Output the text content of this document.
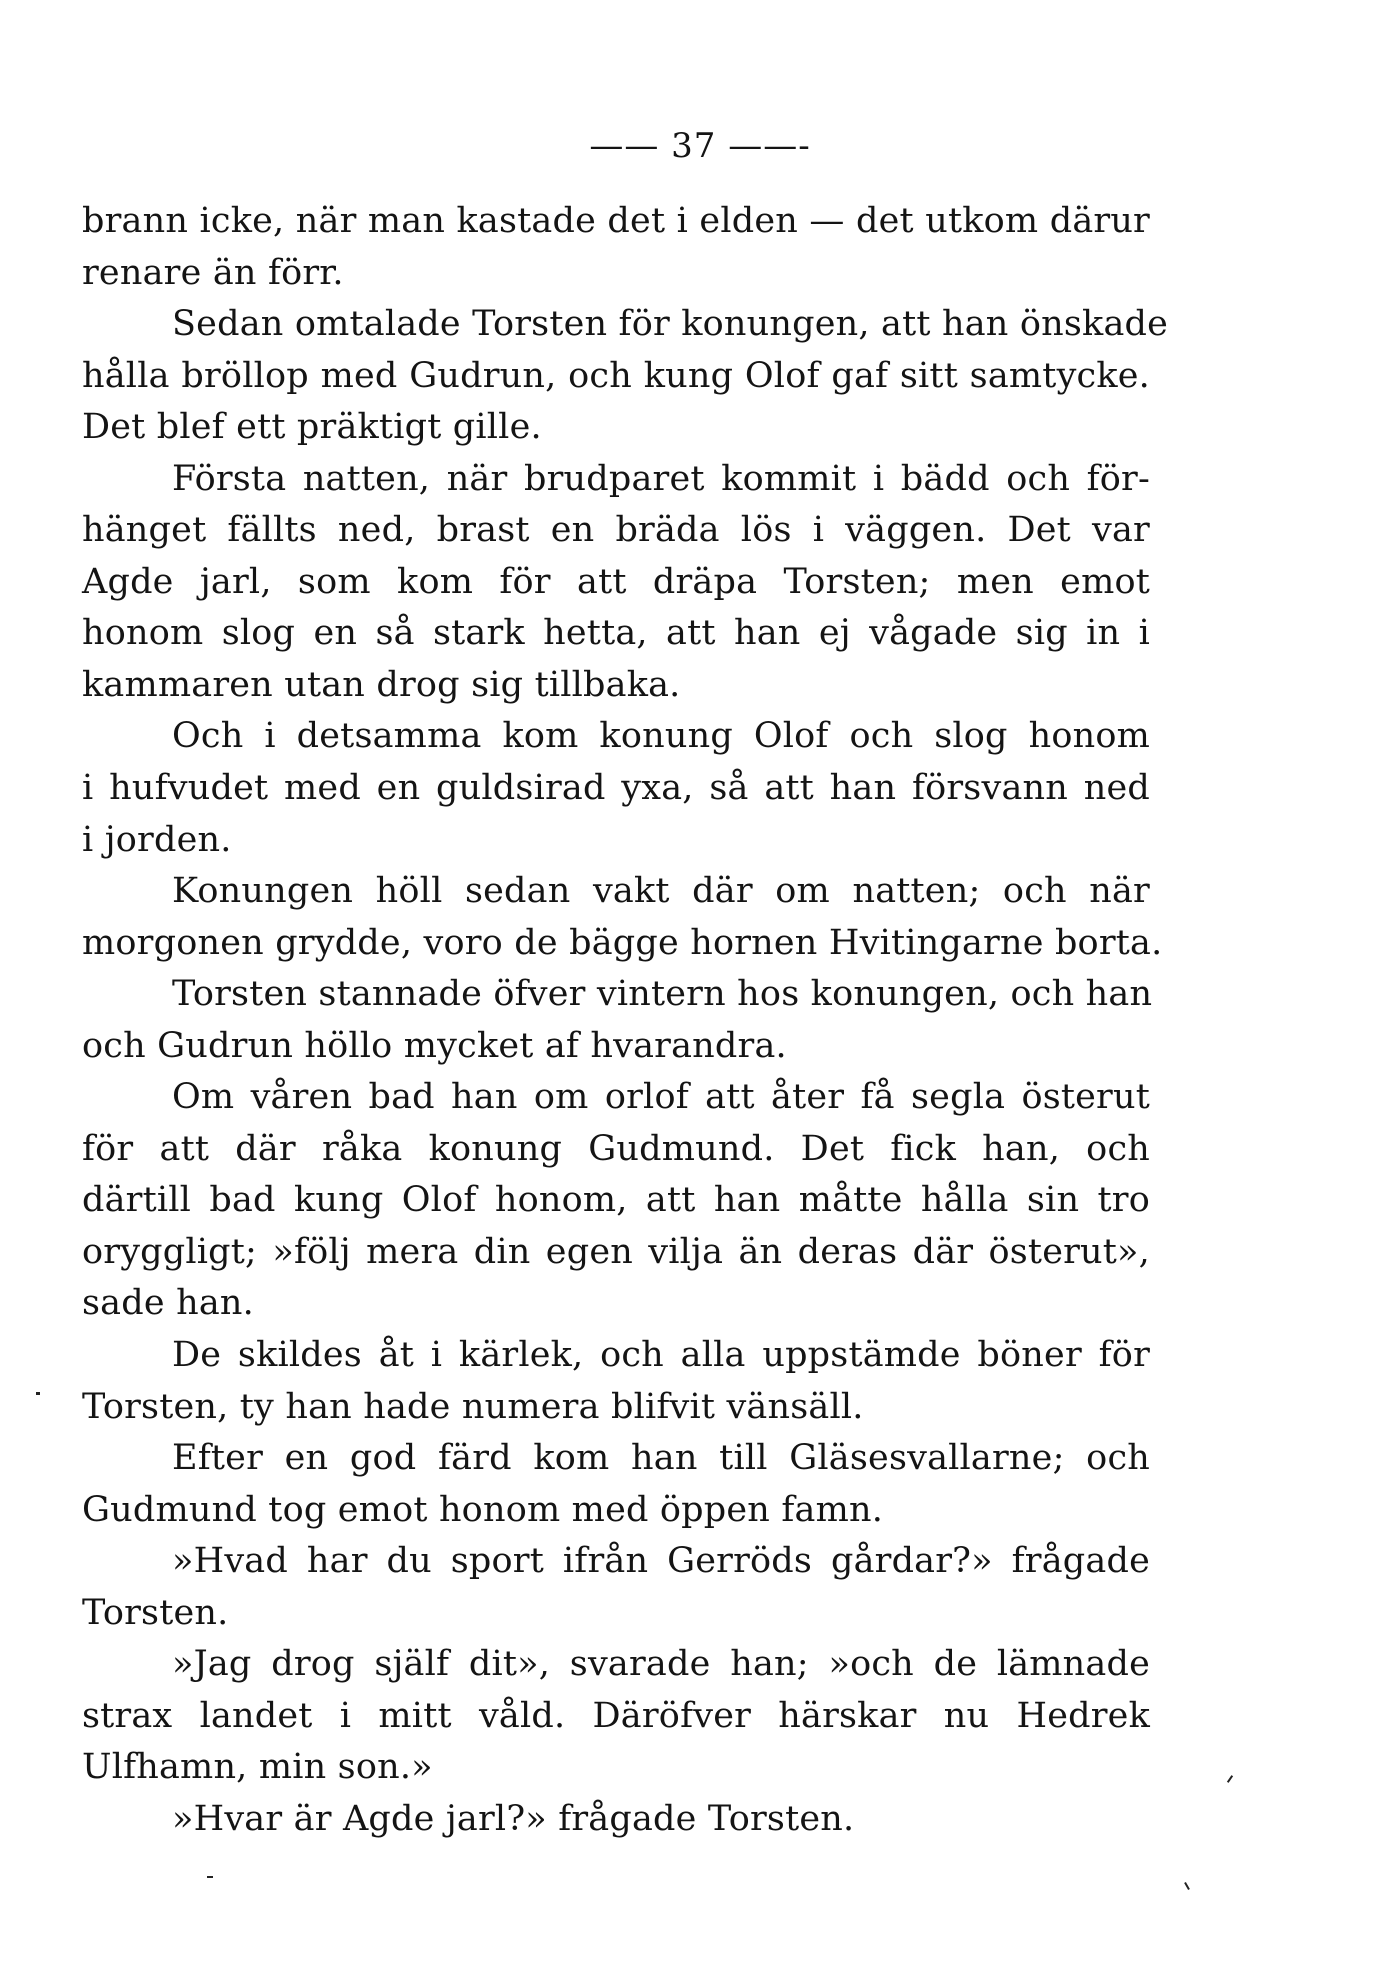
—— 37 ——-
brann icke, när man kastade det i elden — det utkom därur
renare än förr.
Sedan omtalade Torsten för konungen, att han önskade
hålla bröllop med Gudrun, och kung Olof gaf sitt samtycke.
Det blef ett präktigt gille.
Första natten, när brudparet kommit i bädd och för-
hänget fällts ned, brast en bräda lös i väggen. Det var
Agde jarl, som kom för att dräpa Torsten; men emot
honom slog en så stark hetta, att han ej vågade sig in i
kammaren utan drog sig tillbaka.
Och i detsamma kom konung Olof och slog honom
i hufvudet med en guldsirad yxa, så att han försvann ned
i jorden.
Konungen höll sedan vakt där om natten; och när
morgonen grydde, voro de bägge hornen Hvitingarne borta.
Torsten stannade öfver vintern hos konungen, och han
och Gudrun höllo mycket af hvarandra.
Om våren bad han om orlof att åter få segla österut
för att där råka konung Gudmund. Det fick han, och
därtill bad kung Olof honom, att han måtte hålla sin tro
oryggligt; »följ mera din egen vilja än deras där österut»,
sade han.
De skildes åt i kärlek, och alla uppstämde böner för
Torsten, ty han hade numera blifvit vänsäll.
Efter en god färd kom han till Gläsesvallarne; och
Gudmund tog emot honom med öppen famn.
»Hvad har du sport ifrån Gerröds gårdar?» frågade
Torsten.
»Jag drog själf dit», svarade han; »och de lämnade
strax landet i mitt våld. Däröfver härskar nu Hedrek
Ulfhamn, min son.»
»Hvar är Agde jarl?» frågade Torsten.
